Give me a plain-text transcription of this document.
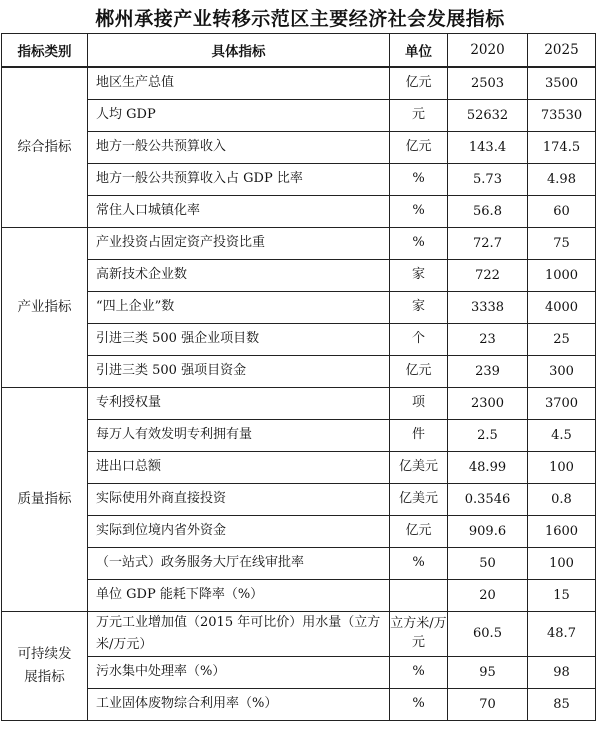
郴州承接产业转移示范区主要经济社会发展指标
指标类别	具体指标	单位	2020	2025
综合指标	地区生产总值	亿元	2503	3500
	人均 GDP	元	52632	73530
	地方一般公共预算收入	亿元	143.4	174.5
	地方一般公共预算收入占 GDP 比率	%	5.73	4.98
	常住人口城镇化率	%	56.8	60
产业指标	产业投资占固定资产投资比重	%	72.7	75
	高新技术企业数	家	722	1000
	“四上企业”数	家	3338	4000
	引进三类 500 强企业项目数	个	23	25
	引进三类 500 强项目资金	亿元	239	300
质量指标	专利授权量	项	2300	3700
	每万人有效发明专利拥有量	件	2.5	4.5
	进出口总额	亿美元	48.99	100
	实际使用外商直接投资	亿美元	0.3546	0.8
	实际到位境内省外资金	亿元	909.6	1600
	（一站式）政务服务大厅在线审批率	%	50	100
	单位 GDP 能耗下降率（%）		20	15
可持续发展指标	万元工业增加值（2015 年可比价）用水量（立方米/万元）	立方米/万元	60.5	48.7
	污水集中处理率（%）	%	95	98
	工业固体废物综合利用率（%）	%	70	85
